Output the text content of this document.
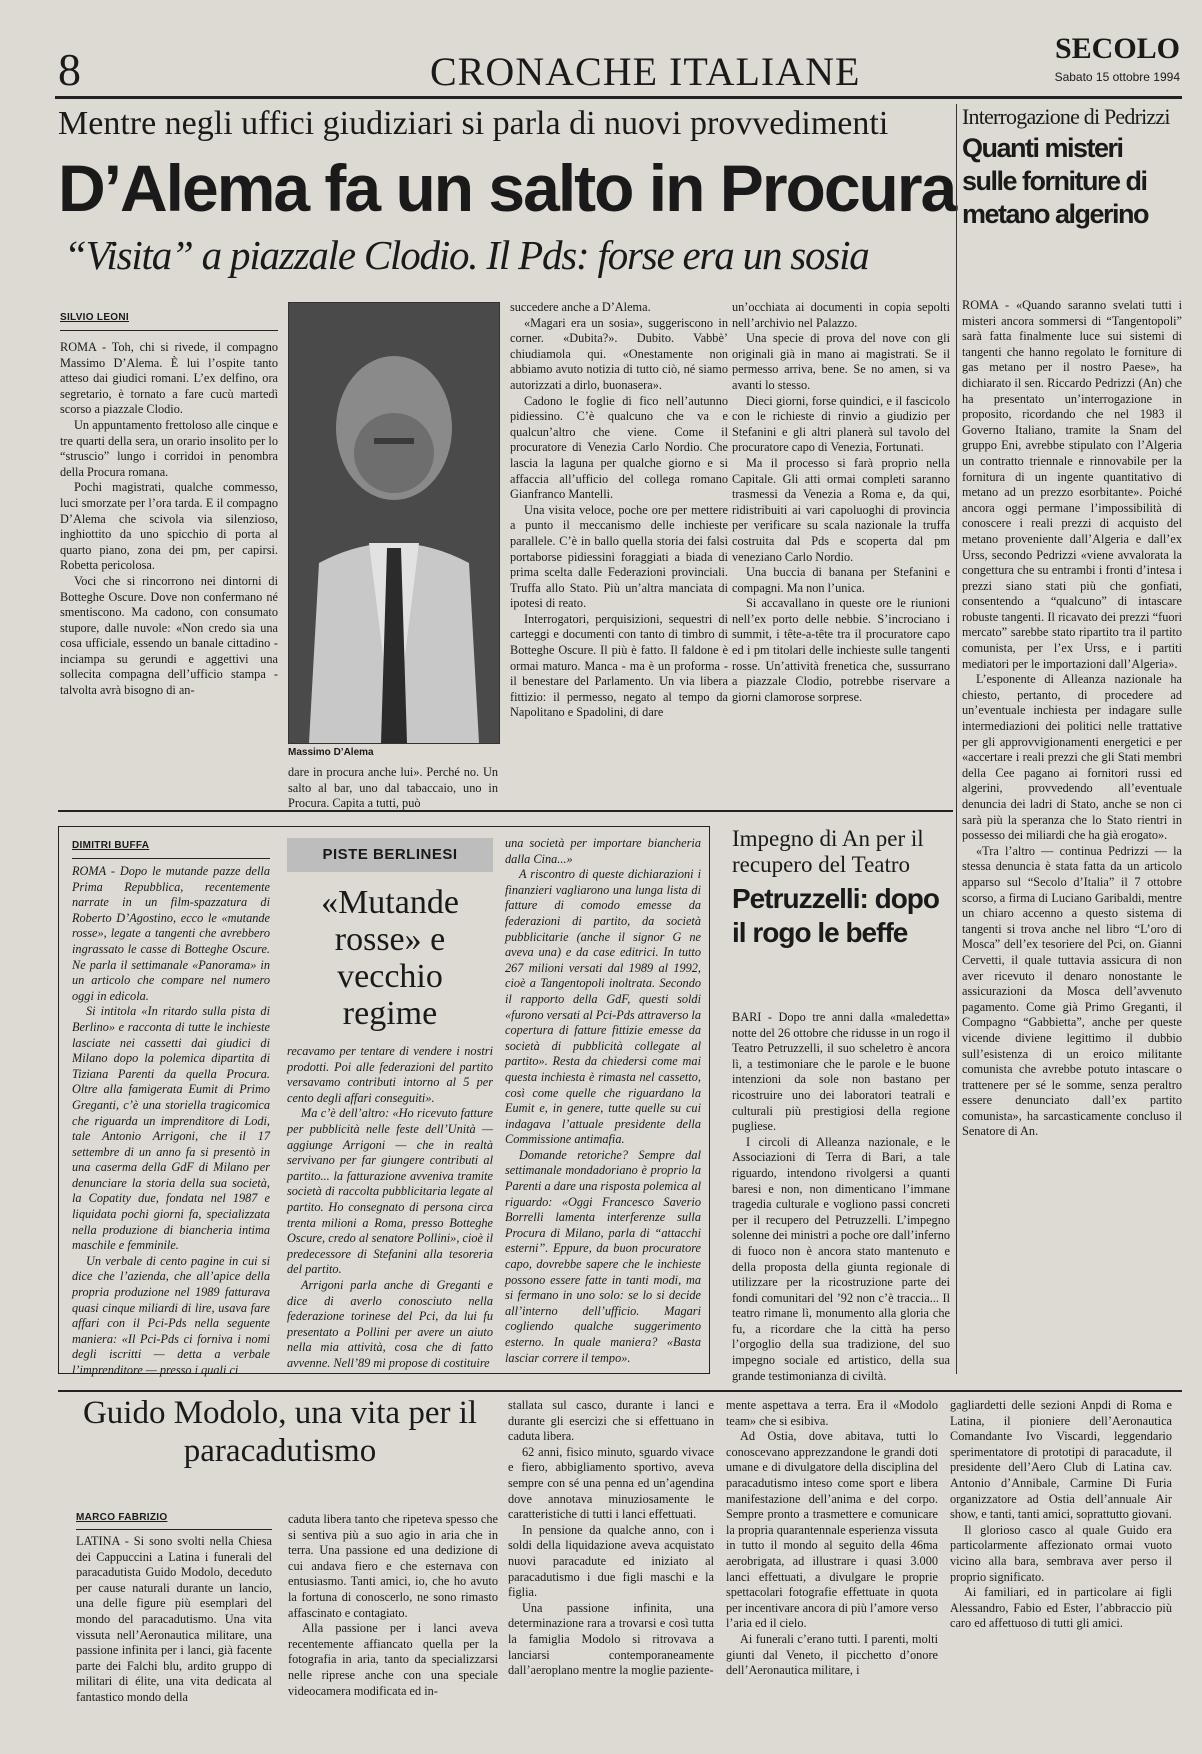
8	CRONACHE ITALIANE
SECOLO
Sabato 15 ottobre 1994
Mentre negli uffici giudiziari si parla di nuovi provvedimenti
D’Alema fa un salto in Procura
“Visita” a piazzale Clodio. Il Pds: forse era un sosia
SILVIO LEONI

ROMA - Toh, chi si rivede, il compagno Massimo D’Alema. È lui l’ospite tanto atteso dai giudici romani. L’ex delfino, ora segretario, è tornato a fare cucù martedì scorso a piazzale Clodio.

Un appuntamento frettoloso alle cinque e tre quarti della sera, un orario insolito per lo “struscio” lungo i corridoi in penombra della Procura romana.

Pochi magistrati, qualche commesso, luci smorzate per l’ora tarda. E il compagno D’Alema che scivola via silenzioso, inghiottito da uno spicchio di porta al quarto piano, zona dei pm, per capirsi. Robetta pericolosa.

Voci che si rincorrono nei dintorni di Botteghe Oscure. Dove non confermano né smentiscono. Ma cadono, con consumato stupore, dalle nuvole: «Non credo sia una cosa ufficiale, essendo un banale cittadino - inciampa su gerundi e aggettivi una sollecita compagna dell’ufficio stampa - talvolta avrà bisogno di an-

Massimo D’Alema

dare in procura anche lui». Perché no. Un salto al bar, uno dal tabaccaio, uno in Procura. Capita a tutti, può

succedere anche a D’Alema.

«Magari era un sosia», suggeriscono in corner. «Dubita?». Dubito. Vabbè’ chiudiamola qui. «Onestamente non abbiamo avuto notizia di tutto ciò, né siamo autorizzati a dirlo, buonasera».

Cadono le foglie di fico nell’autunno pidiessino. C’è qualcuno che va e qualcun’altro che viene. Come il procuratore di Venezia Carlo Nordio. Che lascia la laguna per qualche giorno e si affaccia all’ufficio del collega romano Gianfranco Mantelli.

Una visita veloce, poche ore per mettere a punto il meccanismo delle inchieste parallele. C’è in ballo quella storia dei falsi portaborse pidiessini foraggiati a biada di prima scelta dalle Federazioni provinciali. Truffa allo Stato. Più un’altra manciata di ipotesi di reato.

Interrogatori, perquisizioni, sequestri di carteggi e documenti con tanto di timbro di Botteghe Oscure. Il più è fatto. Il faldone è ormai maturo. Manca - ma è un proforma - il benestare del Parlamento. Un via libera fittizio: il permesso, negato al tempo da Napolitano e Spadolini, di dare

un’occhiata ai documenti in copia sepolti nell’archivio nel Palazzo.

Una specie di prova del nove con gli originali già in mano ai magistrati. Se il permesso arriva, bene. Se no amen, si va avanti lo stesso.

Dieci giorni, forse quindici, e il fascicolo con le richieste di rinvio a giudizio per Stefanini e gli altri planerà sul tavolo del procuratore capo di Venezia, Fortunati.

Ma il processo si farà proprio nella Capitale. Gli atti ormai completi saranno trasmessi da Venezia a Roma e, da qui, ridistribuiti ai vari capoluoghi di provincia per verificare su scala nazionale la truffa costruita dal Pds e scoperta dal pm veneziano Carlo Nordio.

Una buccia di banana per Stefanini e compagni. Ma non l’unica.

Si accavallano in queste ore le riunioni nell’ex porto delle nebbie. S’incrociano i summit, i tête-a-tête tra il procuratore capo ed i pm titolari delle inchieste sulle tangenti rosse. Un’attività frenetica che, sussurrano a piazzale Clodio, potrebbe riservare a giorni clamorose sorprese.

Interrogazione di Pedrizzi
Quanti misteri sulle forniture di metano algerino

ROMA - «Quando saranno svelati tutti i misteri ancora sommersi di “Tangentopoli” sarà fatta finalmente luce sui sistemi di tangenti che hanno regolato le forniture di gas metano per il nostro Paese», ha dichiarato il sen. Riccardo Pedrizzi (An) che ha presentato un’interrogazione in proposito, ricordando che nel 1983 il Governo Italiano, tramite la Snam del gruppo Eni, avrebbe stipulato con l’Algeria un contratto triennale e rinnovabile per la fornitura di un ingente quantitativo di metano ad un prezzo esorbitante». Poiché ancora oggi permane l’impossibilità di conoscere i reali prezzi di acquisto del metano proveniente dall’Algeria e dall’ex Urss, secondo Pedrizzi «viene avvalorata la congettura che su entrambi i fronti d’intesa i prezzi siano stati più che gonfiati, consentendo a “qualcuno” di intascare robuste tangenti. Il ricavato dei prezzi “fuori mercato” sarebbe stato ripartito tra il partito comunista, per l’ex Urss, e i partiti mediatori per le importazioni dall’Algeria».

L’esponente di Alleanza nazionale ha chiesto, pertanto, di procedere ad un’eventuale inchiesta per indagare sulle intermediazioni dei politici nelle trattative per gli approvvigionamenti energetici e per «accertare i reali prezzi che gli Stati membri della Cee pagano ai fornitori russi ed algerini, provvedendo all’eventuale denuncia dei ladri di Stato, anche se non ci sarà più la speranza che lo Stato rientri in possesso dei miliardi che ha già erogato».

«Tra l’altro — continua Pedrizzi — la stessa denuncia è stata fatta da un articolo apparso sul “Secolo d’Italia” il 7 ottobre scorso, a firma di Luciano Garibaldi, mentre un chiaro accenno a questo sistema di tangenti si trova anche nel libro “L’oro di Mosca” dell’ex tesoriere del Pci, on. Gianni Cervetti, il quale tuttavia assicura di non aver ricevuto il denaro nonostante le assicurazioni da Mosca dell’avvenuto pagamento. Come già Primo Greganti, il Compagno “Gabbietta”, anche per queste vicende diviene legittimo il dubbio sull’esistenza di un eroico militante comunista che avrebbe potuto intascare o trattenere per sé le somme, senza peraltro essere denunciato dall’ex partito comunista», ha sarcasticamente concluso il Senatore di An.

DIMITRI BUFFA

ROMA - Dopo le mutande pazze della Prima Repubblica, recentemente narrate in un film-spazzatura di Roberto D’Agostino, ecco le «mutande rosse», legate a tangenti che avrebbero ingrassato le casse di Botteghe Oscure. Ne parla il settimanale «Panorama» in un articolo che compare nel numero oggi in edicola.

Si intitola «In ritardo sulla pista di Berlino» e racconta di tutte le inchieste lasciate nei cassetti dai giudici di Milano dopo la polemica dipartita di Tiziana Parenti da quella Procura. Oltre alla famigerata Eumit di Primo Greganti, c’è una storiella tragicomica che riguarda un imprenditore di Lodi, tale Antonio Arrigoni, che il 17 settembre di un anno fa si presentò in una caserma della GdF di Milano per denunciare la storia della sua società, la Copatity due, fondata nel 1987 e liquidata pochi giorni fa, specializzata nella produzione di biancheria intima maschile e femminile.

Un verbale di cento pagine in cui si dice che l’azienda, che all’apice della propria produzione nel 1989 fatturava quasi cinque miliardi di lire, usava fare affari con il Pci-Pds nella seguente maniera: «Il Pci-Pds ci forniva i nomi degli iscritti — detta a verbale l’imprenditore — presso i quali ci

PISTE BERLINESI
«Mutande rosse» e vecchio regime

recavamo per tentare di vendere i nostri prodotti. Poi alle federazioni del partito versavamo contributi intorno al 5 per cento degli affari conseguiti».

Ma c’è dell’altro: «Ho ricevuto fatture per pubblicità nelle feste dell’Unità — aggiunge Arrigoni — che in realtà servivano per far giungere contributi al partito... la fatturazione avveniva tramite società di raccolta pubblicitaria legate al partito. Ho consegnato di persona circa trenta milioni a Roma, presso Botteghe Oscure, credo al senatore Pollini», cioè il predecessore di Stefanini alla tesoreria del partito.

Arrigoni parla anche di Greganti e dice di averlo conosciuto nella federazione torinese del Pci, da lui fu presentato a Pollini per avere un aiuto nella mia attività, cosa che di fatto avvenne. Nell’89 mi propose di costituire

una società per importare biancheria dalla Cina...»

A riscontro di queste dichiarazioni i finanzieri vagliarono una lunga lista di fatture di comodo emesse da federazioni di partito, da società pubblicitarie (anche il signor G ne aveva una) e da case editrici. In tutto 267 milioni versati dal 1989 al 1992, cioè a Tangentopoli inoltrata. Secondo il rapporto della GdF, questi soldi «furono versati al Pci-Pds attraverso la copertura di fatture fittizie emesse da società di pubblicità collegate al partito». Resta da chiedersi come mai questa inchiesta è rimasta nel cassetto, così come quelle che riguardano la Eumit e, in genere, tutte quelle su cui indagava l’attuale presidente della Commissione antimafia.

Domande retoriche? Sempre dal settimanale mondadoriano è proprio la Parenti a dare una risposta polemica al riguardo: «Oggi Francesco Saverio Borrelli lamenta interferenze sulla Procura di Milano, parla di “attacchi esterni”. Eppure, da buon procuratore capo, dovrebbe sapere che le inchieste possono essere fatte in tanti modi, ma si fermano in uno solo: se lo si decide all’interno dell’ufficio. Magari cogliendo qualche suggerimento esterno. In quale maniera? «Basta lasciar correre il tempo».

Impegno di An per il recupero del Teatro
Petruzzelli: dopo il rogo le beffe

BARI - Dopo tre anni dalla «maledetta» notte del 26 ottobre che ridusse in un rogo il Teatro Petruzzelli, il suo scheletro è ancora lì, a testimoniare che le parole e le buone intenzioni da sole non bastano per ricostruire uno dei laboratori teatrali e culturali più prestigiosi della regione pugliese.

I circoli di Alleanza nazionale, e le Associazioni di Terra di Bari, a tale riguardo, intendono rivolgersi a quanti baresi e non, non dimenticano l’immane tragedia culturale e vogliono passi concreti per il recupero del Petruzzelli. L’impegno solenne dei ministri a poche ore dall’inferno di fuoco non è ancora stato mantenuto e della proposta della giunta regionale di utilizzare per la ricostruzione parte dei fondi comunitari del ’92 non c’è traccia... Il teatro rimane lì, monumento alla gloria che fu, a ricordare che la città ha perso l’orgoglio della sua tradizione, del suo impegno sociale ed artistico, della sua grande testimonianza di civiltà.

Guido Modolo, una vita per il paracadutismo
MARCO FABRIZIO

LATINA - Si sono svolti nella Chiesa dei Cappuccini a Latina i funerali del paracadutista Guido Modolo, deceduto per cause naturali durante un lancio, una delle figure più esemplari del mondo del paracadutismo. Una vita vissuta nell’Aeronautica militare, una passione infinita per i lanci, già facente parte dei Falchi blu, ardito gruppo di militari di élite, una vita dedicata al fantastico mondo della

caduta libera tanto che ripeteva spesso che si sentiva più a suo agio in aria che in terra. Una passione ed una dedizione di cui andava fiero e che esternava con entusiasmo. Tanti amici, io, che ho avuto la fortuna di conoscerlo, ne sono rimasto affascinato e contagiato.

Alla passione per i lanci aveva recentemente affiancato quella per la fotografia in aria, tanto da specializzarsi nelle riprese anche con una speciale videocamera modificata ed in-

stallata sul casco, durante i lanci e durante gli esercizi che si effettuano in caduta libera.

62 anni, fisico minuto, sguardo vivace e fiero, abbigliamento sportivo, aveva sempre con sé una penna ed un’agendina dove annotava minuziosamente le caratteristiche di tutti i lanci effettuati.

In pensione da qualche anno, con i soldi della liquidazione aveva acquistato nuovi paracadute ed iniziato al paracadutismo i due figli maschi e la figlia.

Una passione infinita, una determinazione rara a trovarsi e così tutta la famiglia Modolo si ritrovava a lanciarsi contemporaneamente dall’aeroplano mentre la moglie paziente-

mente aspettava a terra. Era il «Modolo team» che si esibiva.

Ad Ostia, dove abitava, tutti lo conoscevano apprezzandone le grandi doti umane e di divulgatore della disciplina del paracadutismo inteso come sport e libera manifestazione dell’anima e del corpo. Sempre pronto a trasmettere e comunicare la propria quarantennale esperienza vissuta in tutto il mondo al seguito della 46ma aerobrigata, ad illustrare i quasi 3.000 lanci effettuati, a divulgare le proprie spettacolari fotografie effettuate in quota per incentivare ancora di più l’amore verso l’aria ed il cielo.

Ai funerali c’erano tutti. I parenti, molti giunti dal Veneto, il picchetto d’onore dell’Aeronautica militare, i

gagliardetti delle sezioni Anpdi di Roma e Latina, il pioniere dell’Aeronautica Comandante Ivo Viscardi, leggendario sperimentatore di prototipi di paracadute, il presidente dell’Aero Club di Latina cav. Antonio d’Annibale, Carmine Di Furia organizzatore ad Ostia dell’annuale Air show, e tanti, tanti amici, soprattutto giovani.

Il glorioso casco al quale Guido era particolarmente affezionato ormai vuoto vicino alla bara, sembrava aver perso il proprio significato.

Ai familiari, ed in particolare ai figli Alessandro, Fabio ed Ester, l’abbraccio più caro ed affettuoso di tutti gli amici.
